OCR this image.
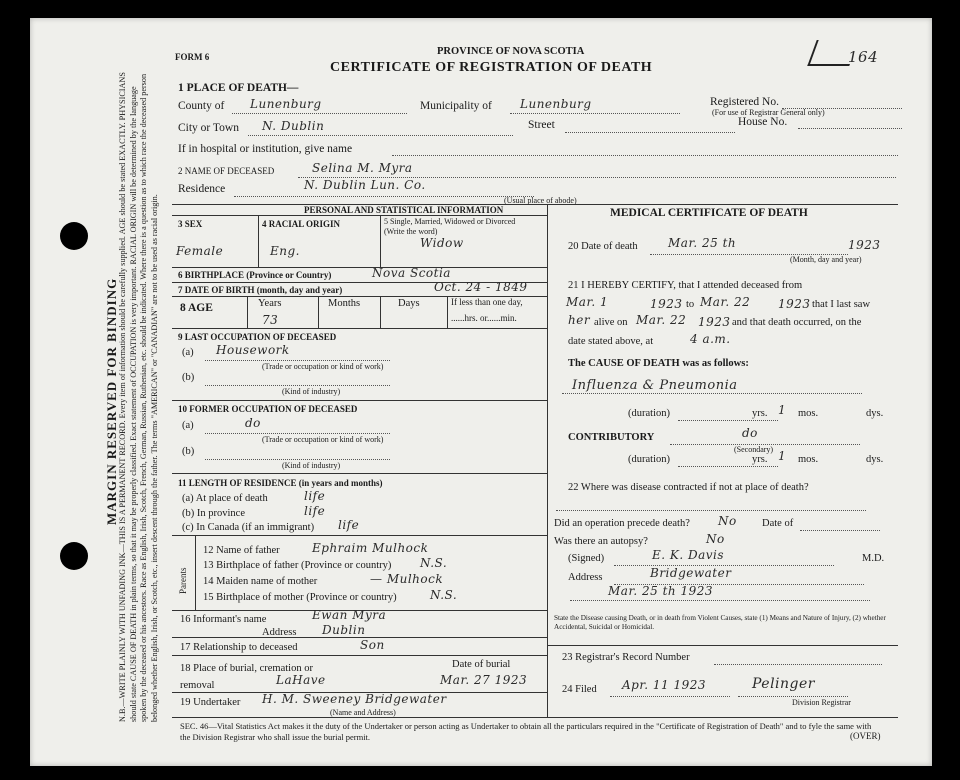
MARGIN RESERVED FOR BINDING N.B.—WRITE PLAINLY WITH UNFADING INK—THIS IS A PERMANENT RECORD. Every item of information should be carefully supplied. AGE should be stated EXACTLY. PHYSICIANS should state CAUSE OF DEATH in plain terms, so that it may be properly classified. Exact statement of OCCUPATION is very important. RACIAL ORIGIN will be determined by the language spoken by the deceased or his ancestors. Race as English, Irish, Scotch, French, German, Russian, Ruthenian, etc. should be indicated. Where there is a question as to which race the deceased person belonged whether English, Irish, or Scotch, etc., insert descent through the father. The terms "AMERICAN" or "CANADIAN" are not to be used as racial origin.
FORM 6	PROVINCE OF NOVA SCOTIA
CERTIFICATE OF REGISTRATION OF DEATH
164
1 PLACE OF DEATH—
County of Lunenburg	Municipality of Lunenburg	Registered No.
(For use of Registrar General only)
City or Town N. Dublin	Street	House No.
If in hospital or institution, give name
2 NAME OF DECEASED	Selina M. Myra
Residence	N. Dublin Lun. Co.
(Usual place of abode)
PERSONAL AND STATISTICAL INFORMATION
3 SEX	4 RACIAL ORIGIN	5 Single, Married, Widowed or Divorced (Write the word)
Female	Eng.
Widow
6 BIRTHPLACE (Province or Country)	Nova Scotia
7 DATE OF BIRTH (month, day and year)	Oct. 24 - 1849
8 AGE	Years
73
Months	Days	If less than one day,
......hrs. or......min.
9 LAST OCCUPATION OF DECEASED
(a) Housework
(Trade or occupation or kind of work)
(b)
(Kind of industry)
10 FORMER OCCUPATION OF DECEASED
(a)	do
(Trade or occupation or kind of work)
(b)
(Kind of industry)
11 LENGTH OF RESIDENCE (in years and months)
(a) At place of death	life
(b) In province	life
(c) In Canada (if an immigrant) life
Parents
12 Name of father	Ephraim Mulhock
13 Birthplace of father (Province or country) N.S.
14 Maiden name of mother	— Mulhock
15 Birthplace of mother (Province or country)	N.S.
16 Informant's name	Ewan Myra
Address Dublin
17 Relationship to deceased	Son
18 Place of burial, cremation or removal	LaHave
Date of burial
Mar. 27 1923
19 Undertaker H. M. Sweeney Bridgewater
(Name and Address)
MEDICAL CERTIFICATE OF DEATH
20 Date of death	Mar. 25 th	1923
(Month, day and year)
21 I HEREBY CERTIFY, that I attended deceased from
Mar. 1	1923 to Mar. 22 1923 that I last saw
her alive on Mar. 22 1923 and that death occurred, on the
date stated above, at	4 a.m.
The CAUSE OF DEATH was as follows:
Influenza & Pneumonia
(duration)	yrs. 1 mos.	dys.
CONTRIBUTORY	do
(Secondary)
(duration)	yrs. 1 mos.	dys.
22 Where was disease contracted if not at place of death?
Did an operation precede death? No Date of
Was there an autopsy?	No
(Signed)	E. K. Davis	M.D.
Address	Bridgewater
Mar. 25 th 1923
State the Disease causing Death, or in death from Violent Causes, state (1) Means and Nature of Injury, (2) whether Accidental, Suicidal or Homicidal.
23 Registrar's Record Number
24 Filed Apr. 11 1923	Pelinger
Division Registrar
SEC. 46—Vital Statistics Act makes it the duty of the Undertaker or person acting as Undertaker to obtain all the particulars required in the "Certificate of Registration of Death" and to fyle the same with the Division Registrar who shall issue the burial permit.	(OVER)
